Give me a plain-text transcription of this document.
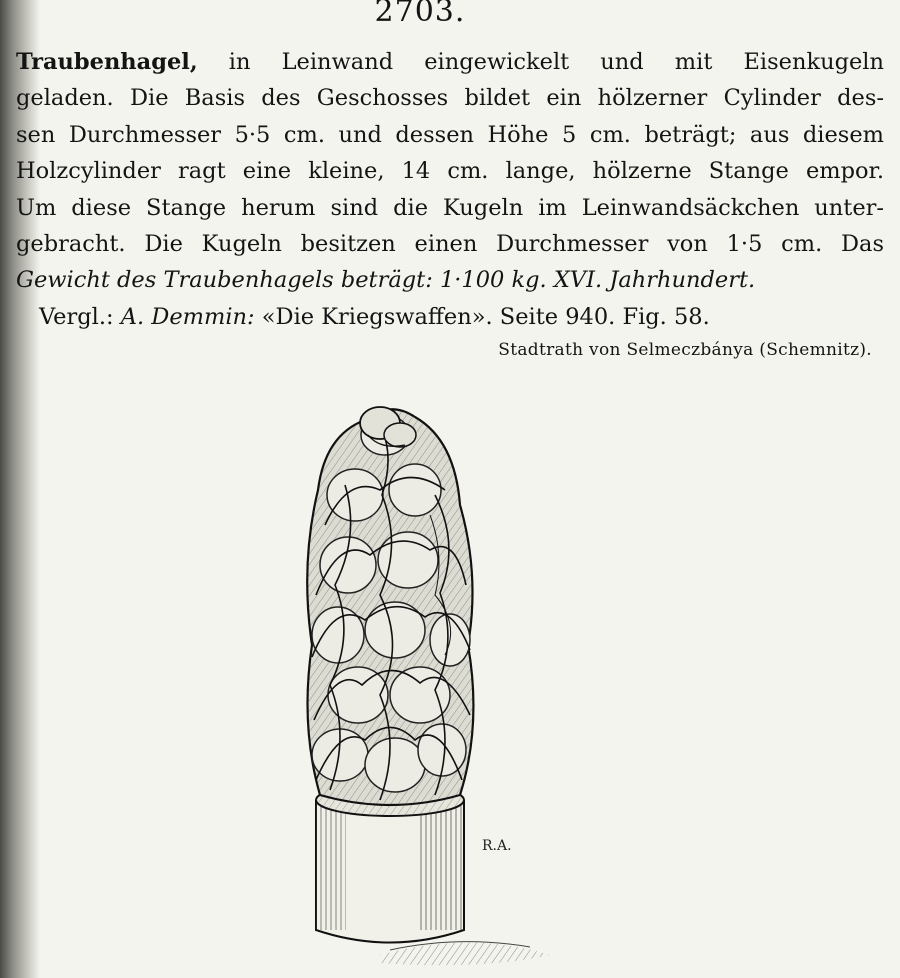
2703.
Traubenhagel, in Leinwand eingewickelt und mit Eisenkugeln
geladen. Die Basis des Geschosses bildet ein hölzerner Cylinder des-
sen Durchmesser 5·5 cm. und dessen Höhe 5 cm. beträgt; aus diesem
Holzcylinder ragt eine kleine, 14 cm. lange, hölzerne Stange empor.
Um diese Stange herum sind die Kugeln im Leinwandsäckchen unter-
gebracht. Die Kugeln besitzen einen Durchmesser von 1·5 cm. Das
Gewicht des Traubenhagels beträgt: 1·100 kg. XVI. Jahrhundert.
Vergl.: A. Demmin: «Die Kriegswaffen». Seite 940. Fig. 58.
Stadtrath von Selmeczbánya (Schemnitz).
R.A.
